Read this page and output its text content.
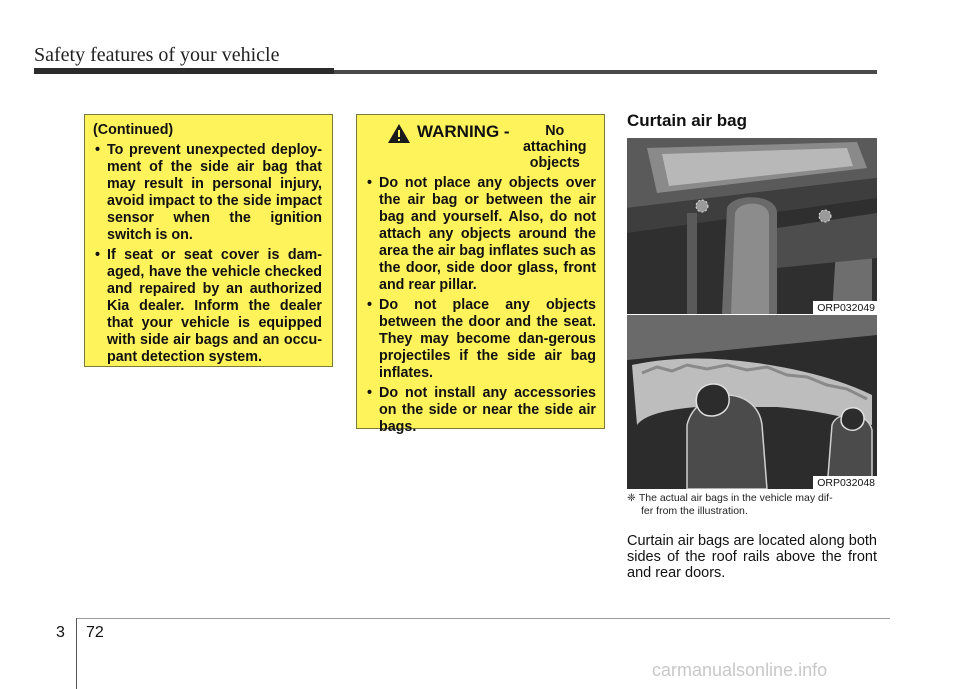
Safety features of your vehicle

(Continued)

• To prevent unexpected deploy-ment of the side air bag that may result in personal injury, avoid impact to the side impact sensor when the ignition switch is on.
• If seat or seat cover is dam-aged, have the vehicle checked and repaired by an authorized Kia dealer. Inform the dealer that your vehicle is equipped with side air bags and an occu-pant detection system.
WARNING -	No attaching objects
• Do not place any objects over the air bag or between the air bag and yourself. Also, do not attach any objects around the area the air bag inflates such as the door, side door glass, front and rear pillar.
• Do not place any objects between the door and the seat. They may become dan-gerous projectiles if the side air bag inflates.
• Do not install any accessories on the side or near the side air bags.
Curtain air bag
ORP032049
ORP032048
❈ The actual air bags in the vehicle may dif-
fer from the illustration.
Curtain air bags are located along both sides of the roof rails above the front and rear doors.
3 72
carmanualsonline.info
